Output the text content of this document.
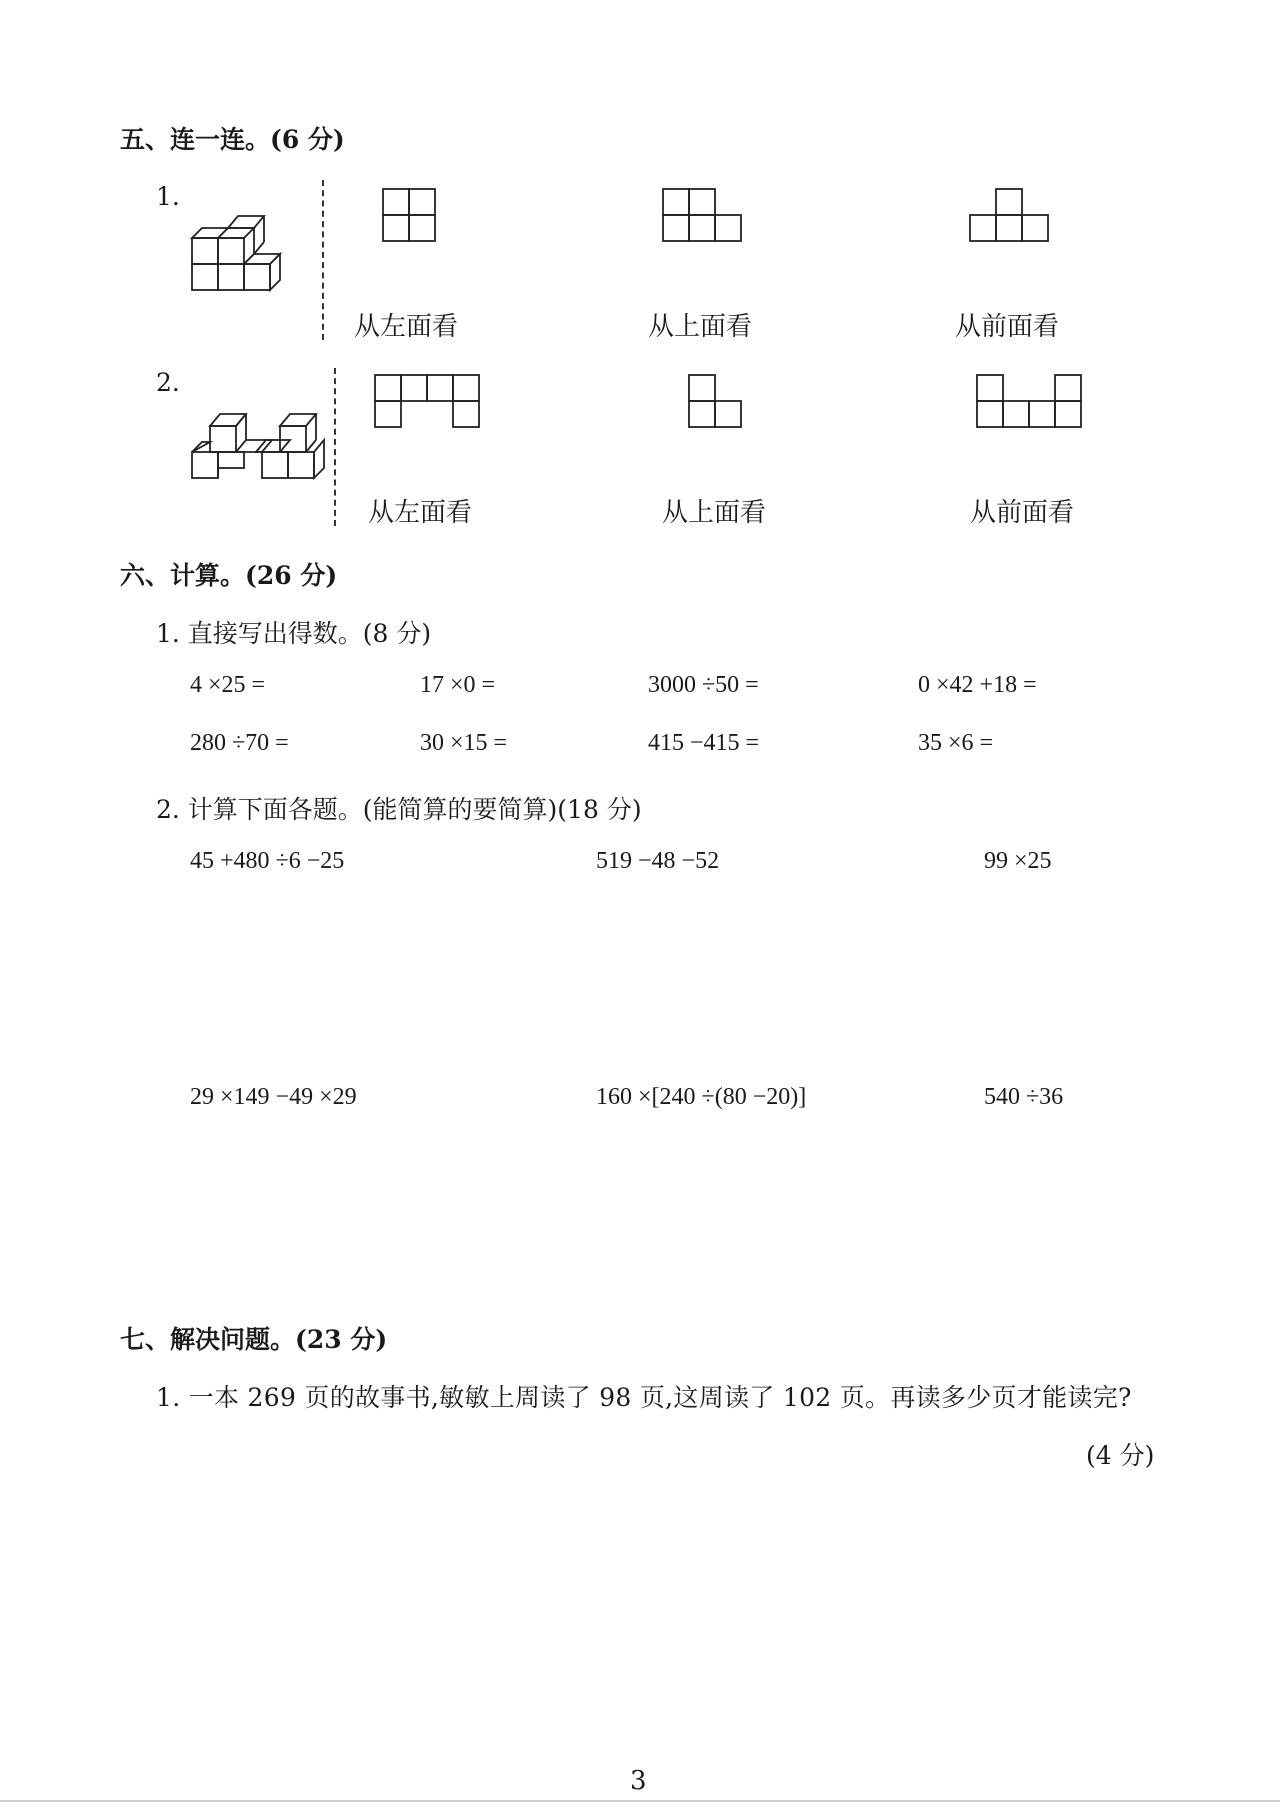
五、连一连。(6 分)
1.
从左面看	从上面看	从前面看
2.
从左面看	从上面看	从前面看
六、计算。(26 分)
1. 直接写出得数。(8 分)
4 ×25 =	17 ×0 =	3000 ÷50 =	0 ×42 +18 =
280 ÷70 =	30 ×15 =	415 −415 =	35 ×6 =
2. 计算下面各题。(能简算的要简算)(18 分)
45 +480 ÷6 −25	519 −48 −52	99 ×25
29 ×149 −49 ×29	160 ×[240 ÷(80 −20)]	540 ÷36
七、解决问题。(23 分)
1. 一本 269 页的故事书,敏敏上周读了 98 页,这周读了 102 页。再读多少页才能读完?
(4 分)
3
